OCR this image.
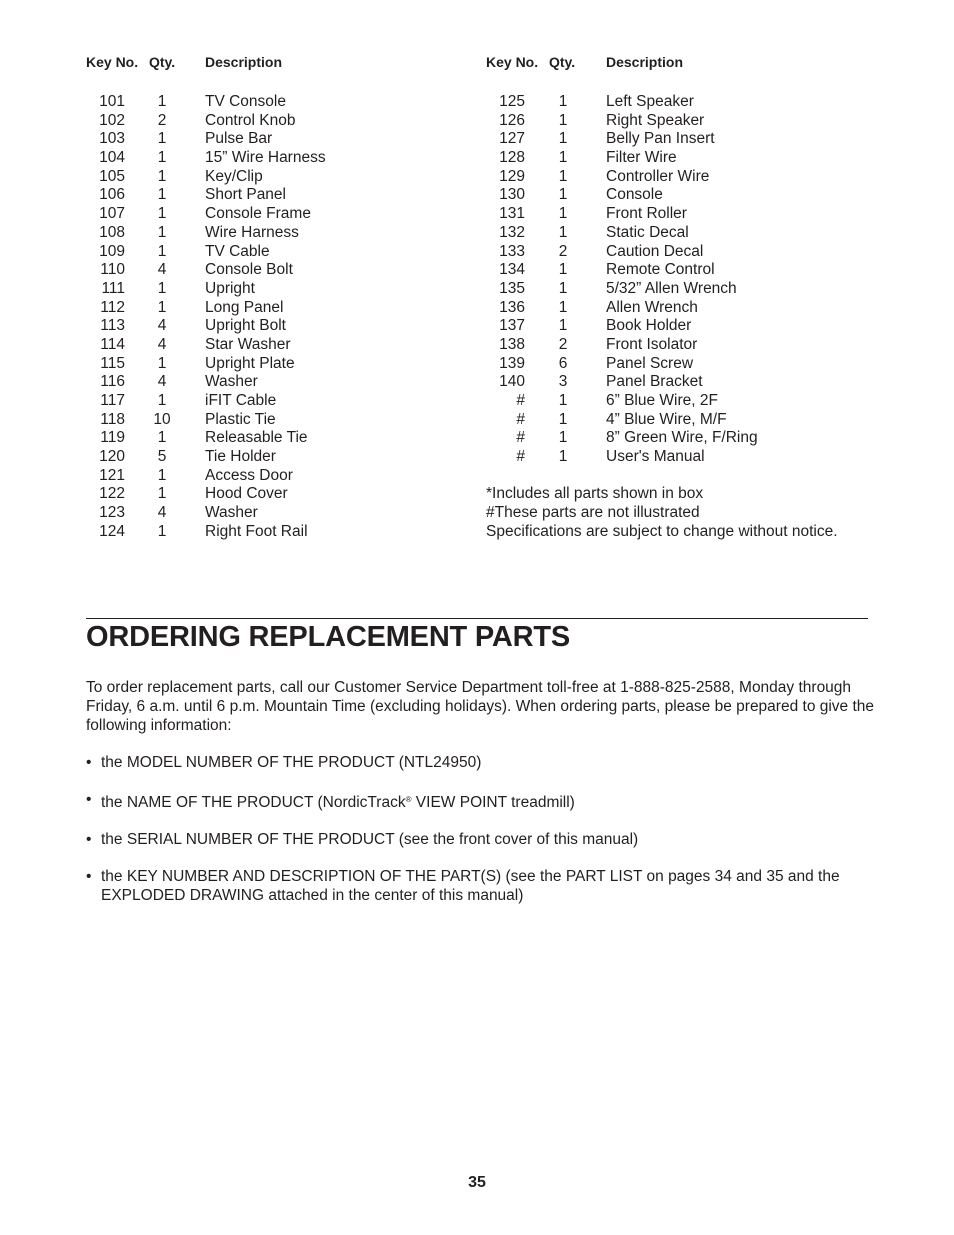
Key No. Qty. Description
101	1	TV Console
102	2	Control Knob
103	1	Pulse Bar
104	1	15” Wire Harness
105	1	Key/Clip
106	1	Short Panel
107	1	Console Frame
108	1	Wire Harness
109	1	TV Cable
110	4	Console Bolt
111	1	Upright
112	1	Long Panel
113	4	Upright Bolt
114	4	Star Washer
115	1	Upright Plate
116	4	Washer
117	1	iFIT Cable
118	10	Plastic Tie
119	1	Releasable Tie
120	5	Tie Holder
121	1	Access Door
122	1	Hood Cover
123	4	Washer
124	1	Right Foot Rail
Key No. Qty. Description
125	1	Left Speaker
126	1	Right Speaker
127	1	Belly Pan Insert
128	1	Filter Wire
129	1	Controller Wire
130	1	Console
131	1	Front Roller
132	1	Static Decal
133	2	Caution Decal
134	1	Remote Control
135	1	5/32” Allen Wrench
136	1	Allen Wrench
137	1	Book Holder
138	2	Front Isolator
139	6	Panel Screw
140	3	Panel Bracket
#	1	6” Blue Wire, 2F
#	1	4” Blue Wire, M/F
#	1	8” Green Wire, F/Ring
#	1	User's Manual
*Includes all parts shown in box
#These parts are not illustrated
Specifications are subject to change without notice.
ORDERING REPLACEMENT PARTS

To order replacement parts, call our Customer Service Department toll-free at 1-888-825-2588, Monday through Friday, 6 a.m. until 6 p.m. Mountain Time (excluding holidays). When ordering parts, please be prepared to give the following information:

• the MODEL NUMBER OF THE PRODUCT (NTL24950)
• the NAME OF THE PRODUCT (NordicTrack® VIEW POINT treadmill)
• the SERIAL NUMBER OF THE PRODUCT (see the front cover of this manual)
• the KEY NUMBER AND DESCRIPTION OF THE PART(S) (see the PART LIST on pages 34 and 35 and the EXPLODED DRAWING attached in the center of this manual)
35
